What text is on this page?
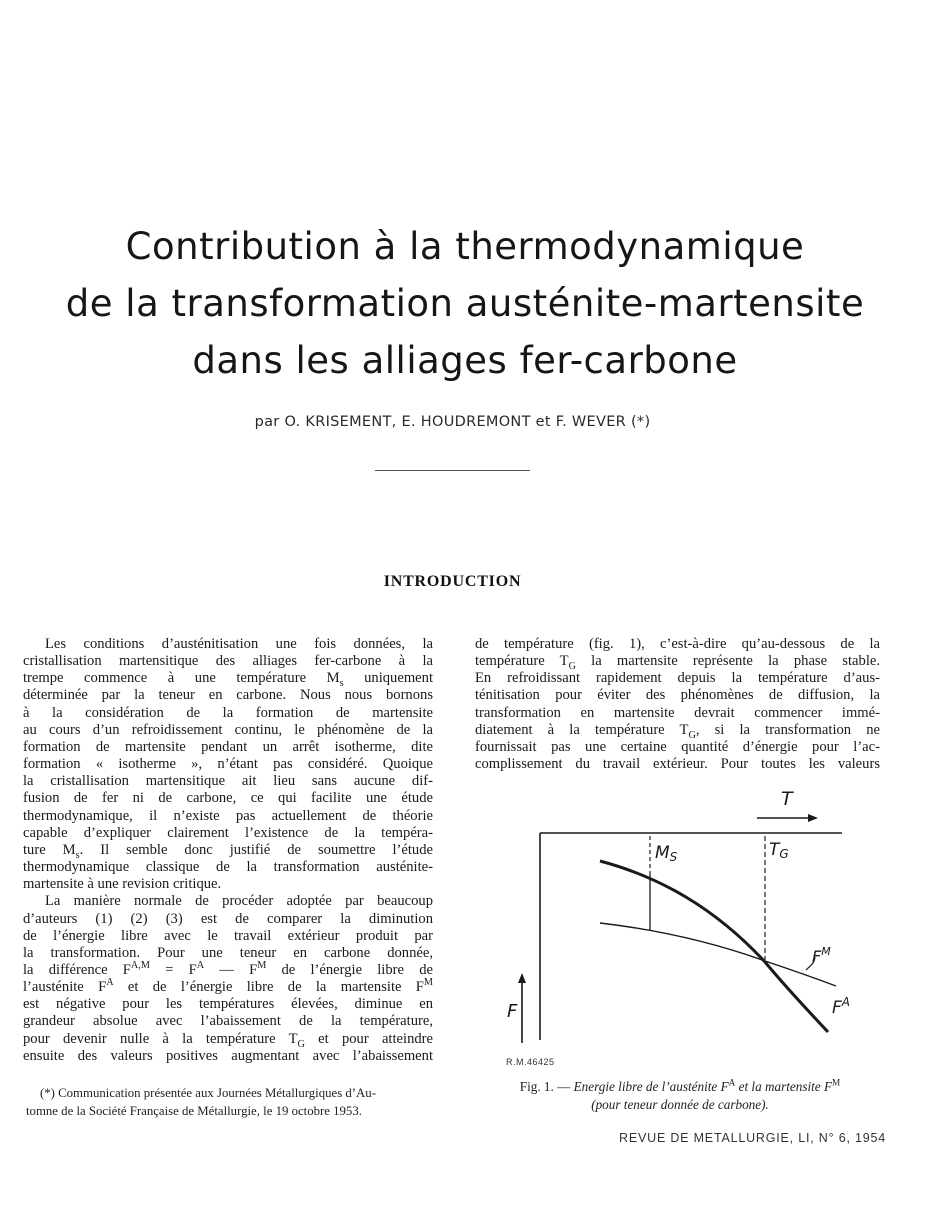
Contribution à la thermodynamique
de la transformation austénite-martensite
dans les alliages fer-carbone
par O. KRISEMENT, E. HOUDREMONT et F. WEVER (*)
INTRODUCTION
Les conditions d’austénitisation une fois données, la
cristallisation martensitique des alliages fer-carbone à la
trempe commence à une température $M_s$ uniquement
déterminée par la teneur en carbone. Nous nous bornons
à la considération de la formation de martensite
au cours d’un refroidissement continu, le phénomène de la
formation de martensite pendant un arrêt isotherme, dite
formation « isotherme », n’étant pas considéré. Quoique
la cristallisation martensitique ait lieu sans aucune dif-
fusion de fer ni de carbone, ce qui facilite une étude
thermodynamique, il n’existe pas actuellement de théorie
capable d’expliquer clairement l’existence de la tempéra-
ture $M_s$. Il semble donc justifié de soumettre l’étude
thermodynamique classique de la transformation austénite-
martensite à une revision critique.
La manière normale de procéder adoptée par beaucoup
d’auteurs (1) (2) (3) est de comparer la diminution
de l’énergie libre avec le travail extérieur produit par
la transformation. Pour une teneur en carbone donnée,
la différence $F^{A,M} = F^A$ — $F^M$ de l’énergie libre de
l’austénite $F^A$ et de l’énergie libre de la martensite $F^M$
est négative pour les températures élevées, diminue en
grandeur absolue avec l’abaissement de la température,
pour devenir nulle à la température $T_G$ et pour atteindre
ensuite des valeurs positives augmentant avec l’abaissement
de température (fig. 1), c’est-à-dire qu’au-dessous de la
température $T_G$ la martensite représente la phase stable.
En refroidissant rapidement depuis la température d’aus-
ténitisation pour éviter des phénomènes de diffusion, la
transformation en martensite devrait commencer immé-
diatement à la température $T_G$, si la transformation ne
fournissait pas une certaine quantité d’énergie pour l’ac-
complissement du travail extérieur. Pour toutes les valeurs
T
MS	TG
$F^M$
$F^A$
F
R.M.46425
Fig. 1. — Energie libre de l’austénite $F^A$ et la martensite $F^M$
(pour teneur donnée de carbone).
(*) Communication présentée aux Journées Métallurgiques d’Au-
tomne de la Société Française de Métallurgie, le 19 octobre 1953.
REVUE DE METALLURGIE, LI, N° 6, 1954
